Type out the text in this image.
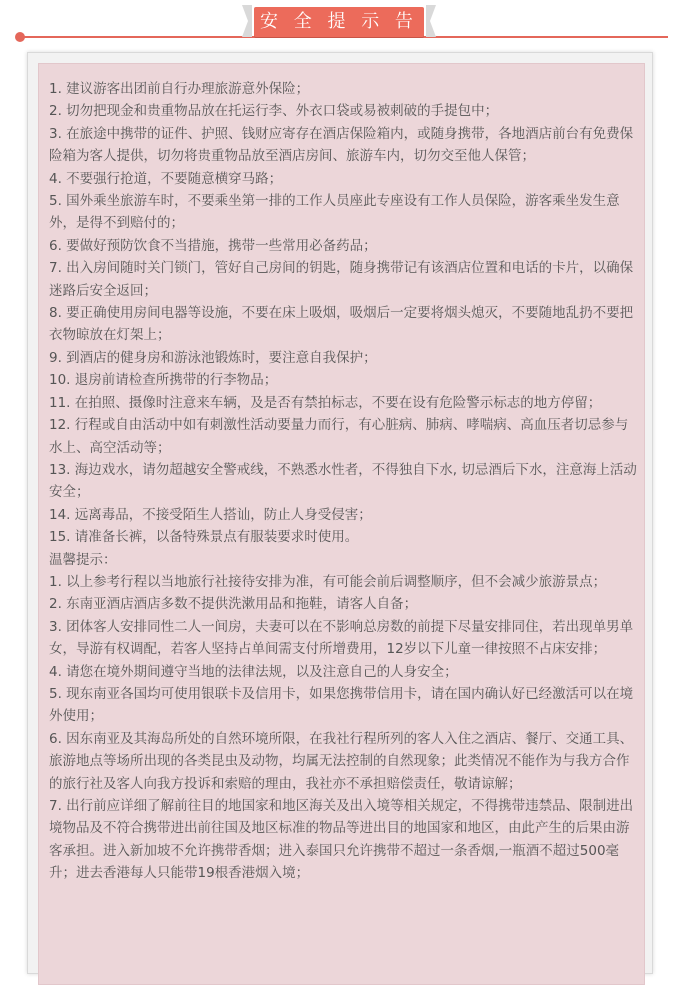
安 全 提 示 告

1. 建议游客出团前自行办理旅游意外保险；

2. 切勿把现金和贵重物品放在托运行李、外衣口袋或易被刺破的手提包中；

3. 在旅途中携带的证件、护照、钱财应寄存在酒店保险箱内，或随身携带，各地酒店前台有免费保险箱为客人提供，切勿将贵重物品放至酒店房间、旅游车内，切勿交至他人保管；

4. 不要强行抢道，不要随意横穿马路；

5. 国外乘坐旅游车时，不要乘坐第一排的工作人员座此专座设有工作人员保险，游客乘坐发生意外，是得不到赔付的；

6. 要做好预防饮食不当措施，携带一些常用必备药品；

7. 出入房间随时关门锁门，管好自己房间的钥匙，随身携带记有该酒店位置和电话的卡片，以确保迷路后安全返回；

8. 要正确使用房间电器等设施，不要在床上吸烟，吸烟后一定要将烟头熄灭，不要随地乱扔不要把衣物晾放在灯架上；

9. 到酒店的健身房和游泳池锻炼时，要注意自我保护；

10. 退房前请检查所携带的行李物品；

11. 在拍照、摄像时注意来车辆，及是否有禁拍标志，不要在设有危险警示标志的地方停留；

12. 行程或自由活动中如有刺激性活动要量力而行，有心脏病、肺病、哮喘病、高血压者切忌参与水上、高空活动等；

13. 海边戏水，请勿超越安全警戒线，不熟悉水性者，不得独自下水, 切忌酒后下水，注意海上活动安全；

14. 远离毒品，不接受陌生人搭讪，防止人身受侵害；

15. 请准备长裤，以备特殊景点有服装要求时使用。

温馨提示：

1. 以上参考行程以当地旅行社接待安排为准，有可能会前后调整顺序，但不会减少旅游景点；

2. 东南亚酒店酒店多数不提供洗漱用品和拖鞋，请客人自备；

3. 团体客人安排同性二人一间房，夫妻可以在不影响总房数的前提下尽量安排同住，若出现单男单女，导游有权调配，若客人坚持占单间需支付所增费用，12岁以下儿童一律按照不占床安排；

4. 请您在境外期间遵守当地的法律法规，以及注意自己的人身安全；

5. 现东南亚各国均可使用银联卡及信用卡，如果您携带信用卡，请在国内确认好已经激活可以在境外使用；

6. 因东南亚及其海岛所处的自然环境所限，在我社行程所列的客人入住之酒店、餐厅、交通工具、旅游地点等场所出现的各类昆虫及动物，均属无法控制的自然现象；此类情况不能作为与我方合作的旅行社及客人向我方投诉和索赔的理由，我社亦不承担赔偿责任，敬请谅解；

7. 出行前应详细了解前往目的地国家和地区海关及出入境等相关规定，不得携带违禁品、限制进出境物品及不符合携带进出前往国及地区标准的物品等进出目的地国家和地区，由此产生的后果由游客承担。进入新加坡不允许携带香烟；进入泰国只允许携带不超过一条香烟,一瓶酒不超过500毫升；进去香港每人只能带19根香港烟入境；
